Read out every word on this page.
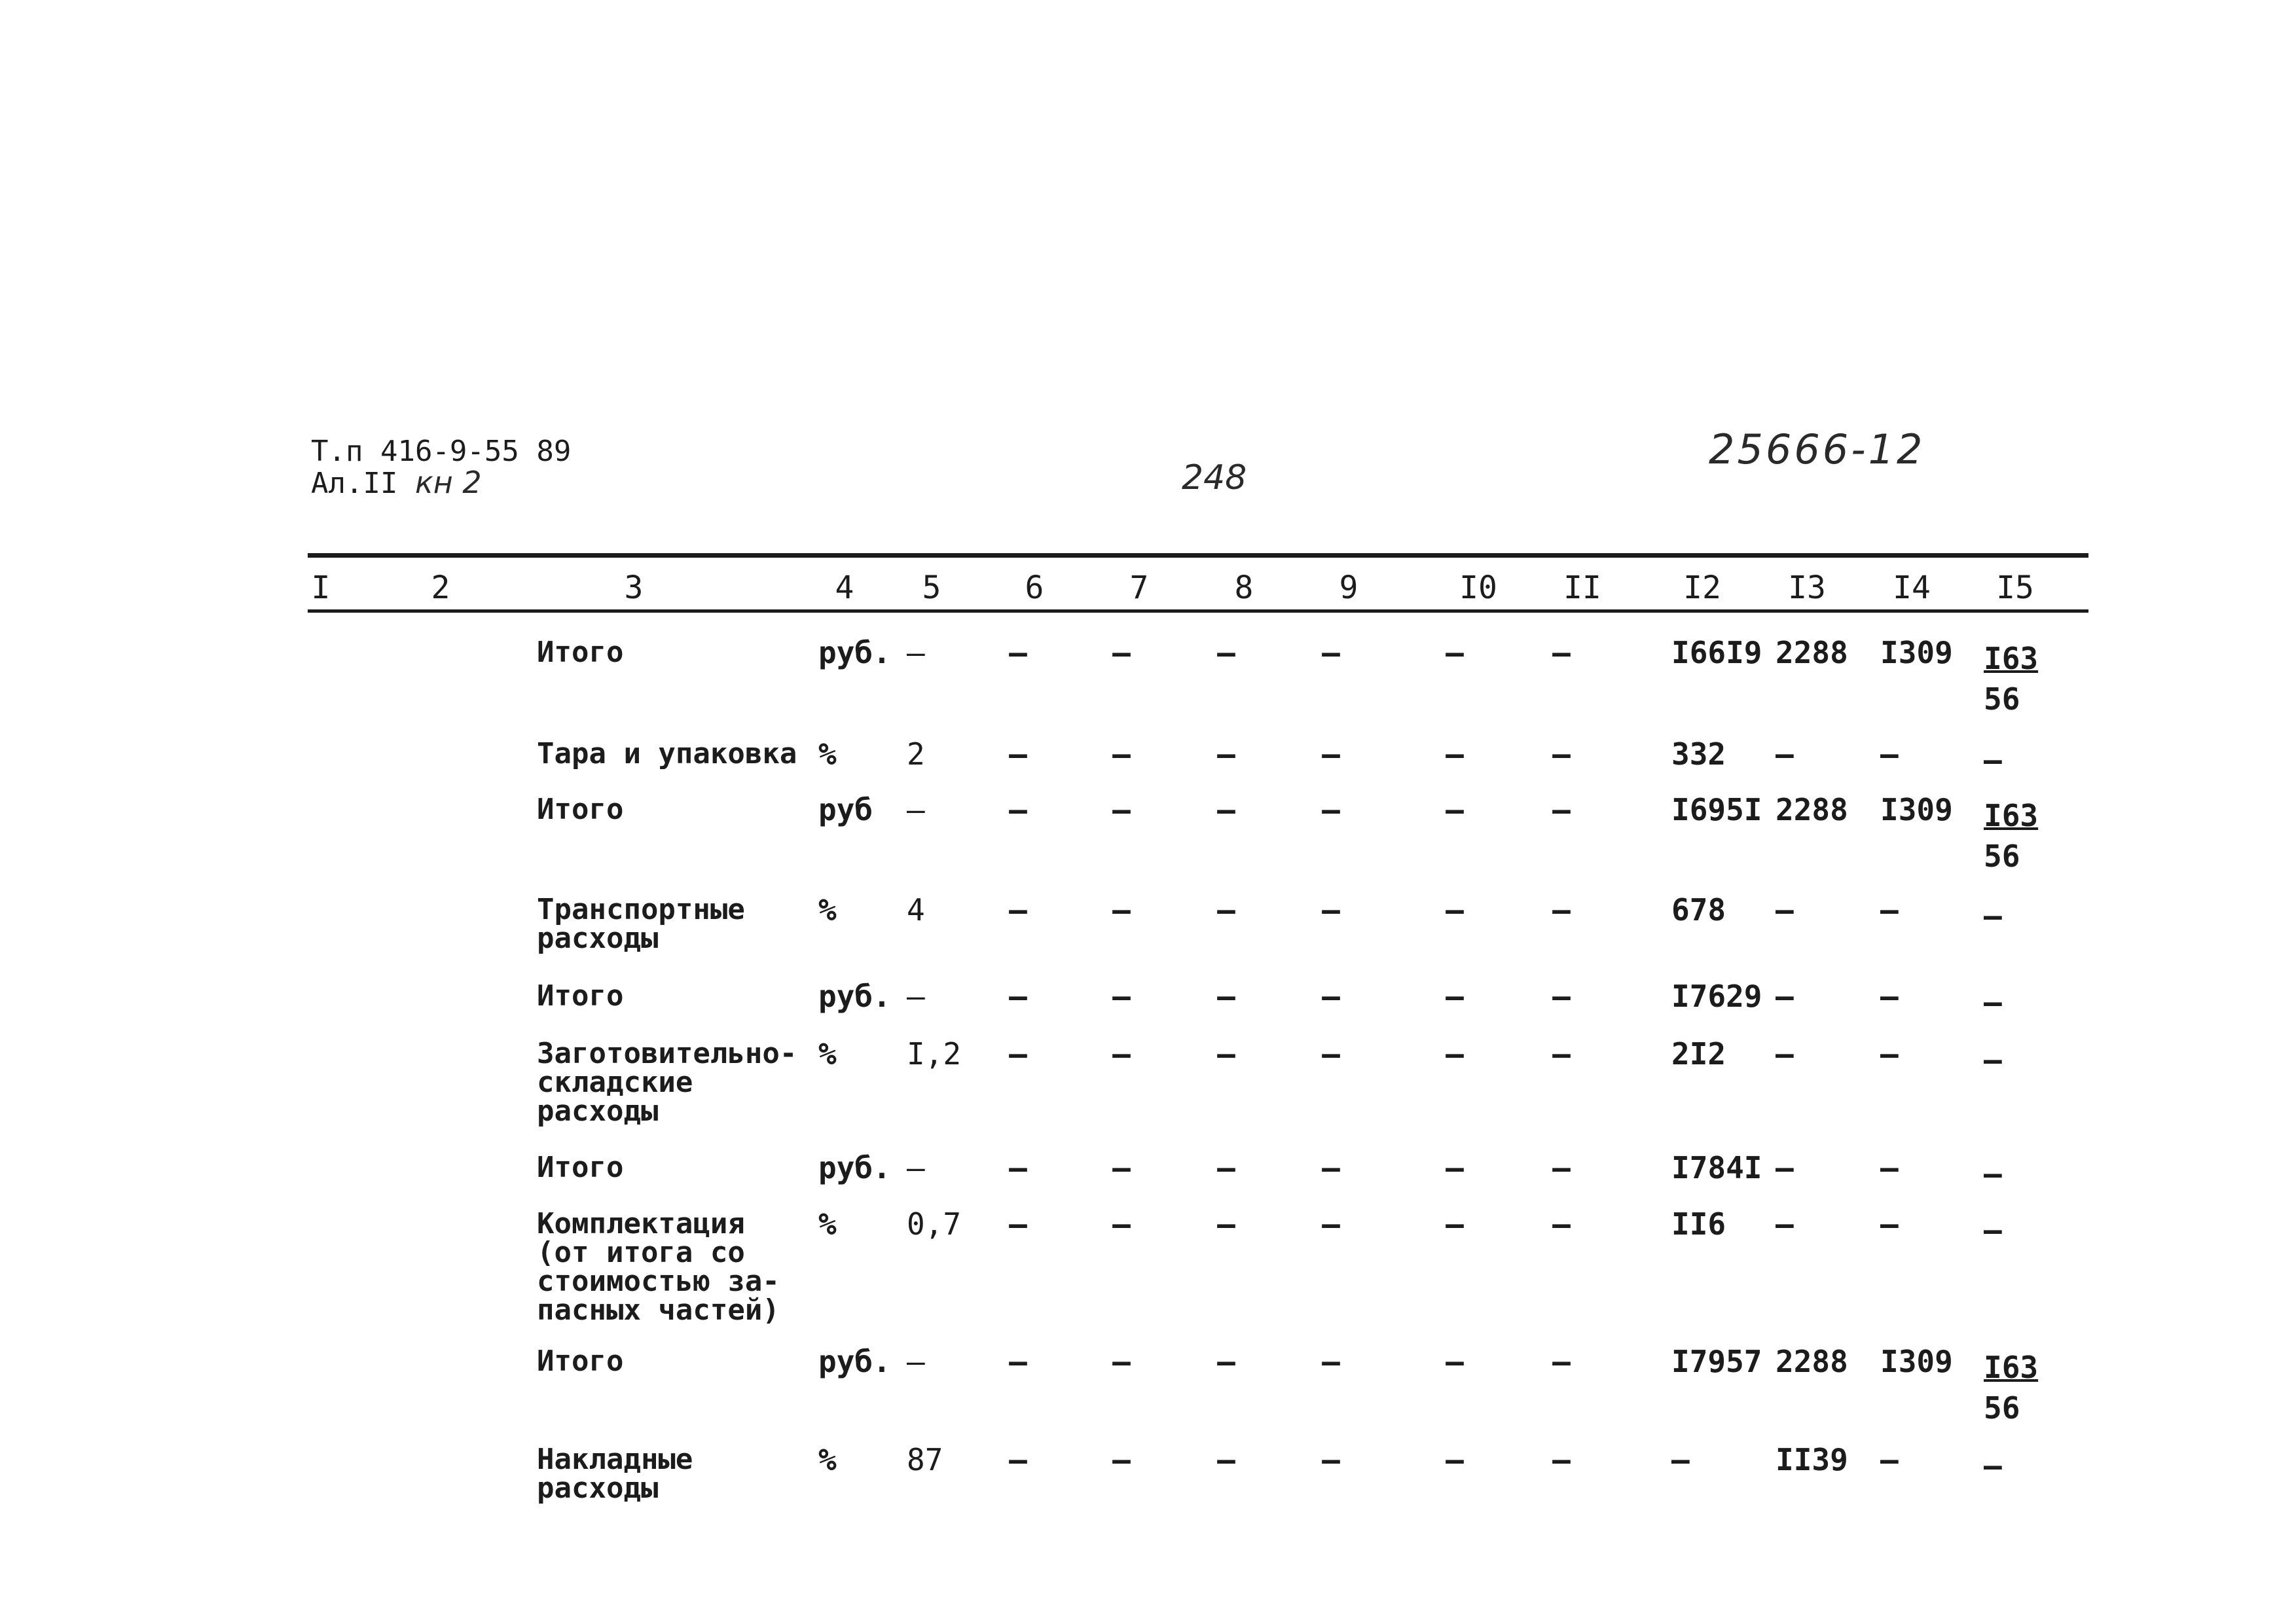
Т.п 416-9-55 89
Ал.II кн 2	248
25666-12
I	2	3	4 5	6	7	8	9	I0 II	I2 I3 I4 I5
Итого	руб. –	–	–	–	–	–	–	I66I9 2288 $I309 \frac{I63}{56}$
Тара и упаковка % 2	–	–	–	–	–	–	332 –	–	–
Итого	руб –	–	–	–	–	–	–	I695I 2288 $I309 \frac{I63}{56}$
Транспортные
расходы
% 4	–	–	–	–	–	–	678 –	–	–
Итого	руб. –	–	–	–	–	–	–	I7629 –	–	–
Заготовительно-
складские
расходы
% I,2 –	–	–	–	–	–	2I2 –	–	–
Итого	руб. –	–	–	–	–	–	–	I784I –	–	–
Комплектация
(от итога со
стоимостью за-
пасных частей)
% 0,7 –	–	–	–	–	–	II6 –	–	–
Итого	руб. –	–	–	–	–	–	–	I7957 2288 $I309 \frac{I63}{56}$
Накладные
расходы
% 87 –	–	–	–	–	–	–	II39 –	–
